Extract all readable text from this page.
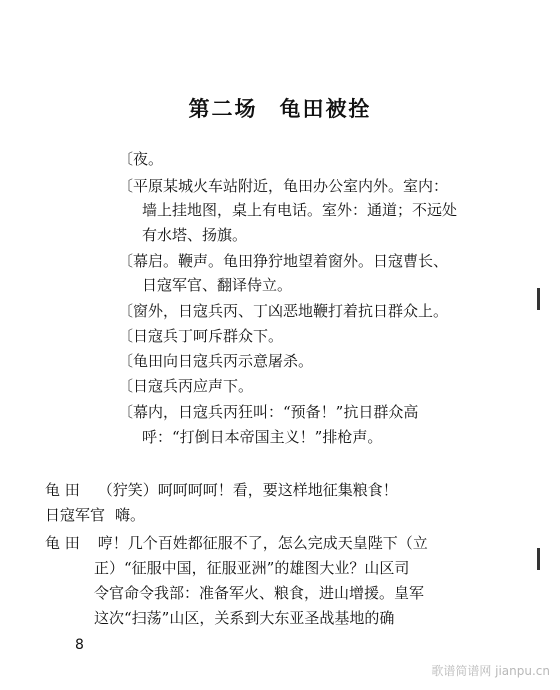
第二场 龟田被拴
〔夜。
〔平原某城火车站附近，龟田办公室内外。室内：
墙上挂地图，桌上有电话。室外：通道；不远处
有水塔、扬旗。
〔幕启。鞭声。龟田狰狞地望着窗外。日寇曹长、
日寇军官、翻译侍立。
〔窗外，日寇兵丙、丁凶恶地鞭打着抗日群众上。
〔日寇兵丁呵斥群众下。
〔龟田向日寇兵丙示意屠杀。
〔日寇兵丙应声下。
〔幕内，日寇兵丙狂叫：“预备！”抗日群众高
呼：“打倒日本帝国主义！”排枪声。
龟 田 （狞笑）呵呵呵呵！看，要这样地征集粮食！
日寇军官 嗨。
龟 田 哼！几个百姓都征服不了，怎么完成天皇陛下（立
正）“征服中国，征服亚洲”的雄图大业？山区司
令官命令我部：准备军火、粮食，进山增援。皇军
这次“扫荡”山区，关系到大东亚圣战基地的确
8
歌谱简谱网 jianpu.cn
